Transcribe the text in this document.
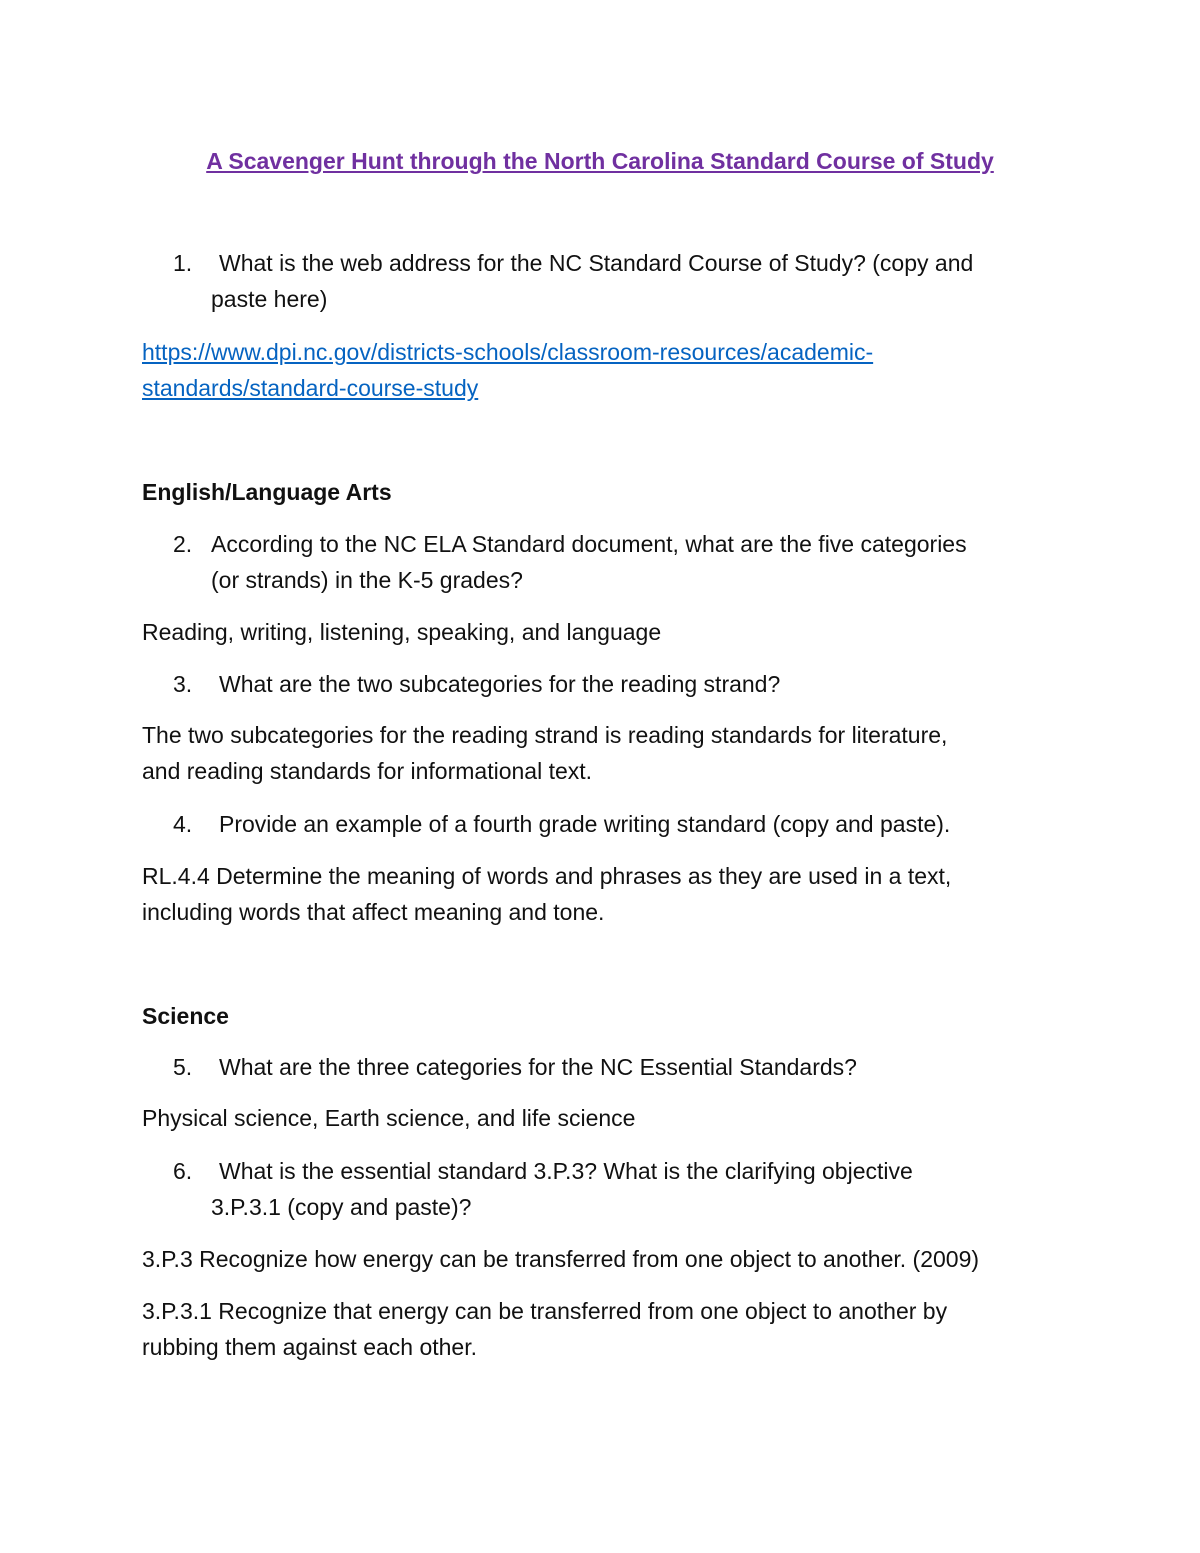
A Scavenger Hunt through the North Carolina Standard Course of Study
1. What is the web address for the NC Standard Course of Study? (copy and
paste here)
https://www.dpi.nc.gov/districts-schools/classroom-resources/academic-
standards/standard-course-study
English/Language Arts
2. According to the NC ELA Standard document, what are the five categories
(or strands) in the K-5 grades?
Reading, writing, listening, speaking, and language
3. What are the two subcategories for the reading strand?
The two subcategories for the reading strand is reading standards for literature,
and reading standards for informational text.
4. Provide an example of a fourth grade writing standard (copy and paste).
RL.4.4 Determine the meaning of words and phrases as they are used in a text,
including words that affect meaning and tone.
Science
5. What are the three categories for the NC Essential Standards?
Physical science, Earth science, and life science
6. What is the essential standard 3.P.3? What is the clarifying objective
3.P.3.1 (copy and paste)?
3.P.3 Recognize how energy can be transferred from one object to another. (2009)
3.P.3.1 Recognize that energy can be transferred from one object to another by
rubbing them against each other.
